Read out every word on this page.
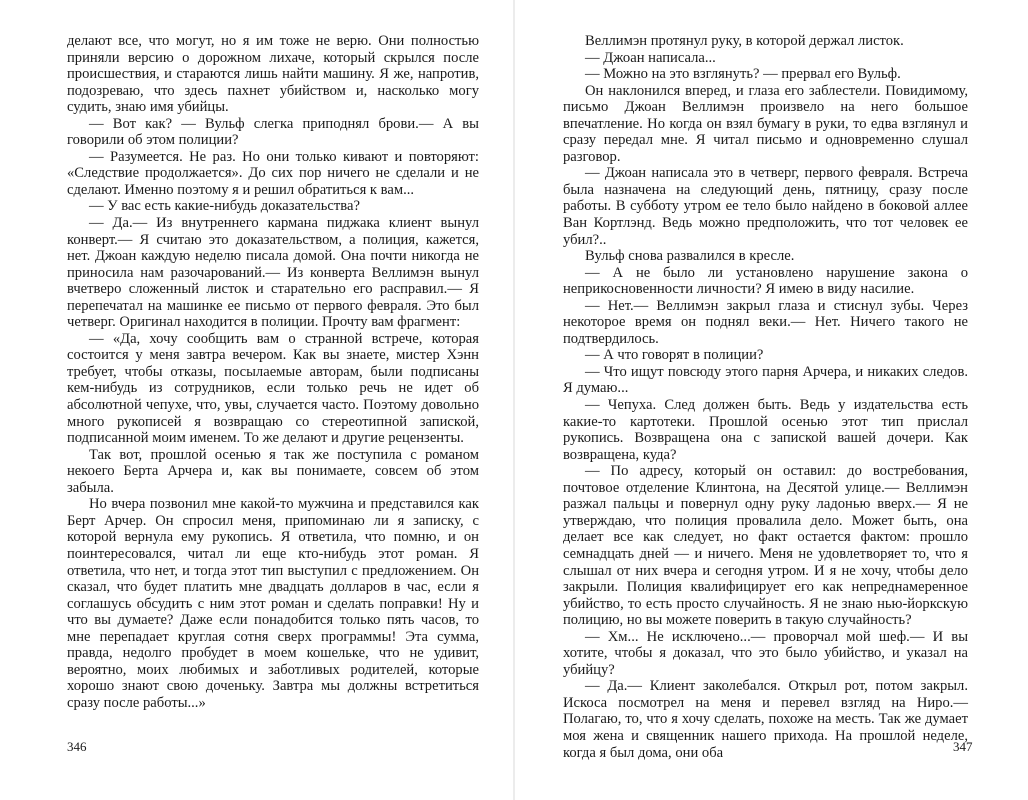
делают все, что могут, но я им тоже не верю. Они полностью приняли версию о дорожном лихаче, который скрылся после происшествия, и стараются лишь найти машину. Я же, напротив, подозреваю, что здесь пахнет убийством и, насколько могу судить, знаю имя убийцы.

— Вот как? — Вульф слегка приподнял брови.— А вы говорили об этом полиции?

— Разумеется. Не раз. Но они только кивают и повторяют: «Следствие продолжается». До сих пор ничего не сделали и не сделают. Именно поэтому я и решил обратиться к вам...

— У вас есть какие-нибудь доказательства?

— Да.— Из внутреннего кармана пиджака клиент вынул конверт.— Я считаю это доказательством, а полиция, кажется, нет. Джоан каждую неделю писала домой. Она почти никогда не приносила нам разочарований.— Из конверта Веллимэн вынул вчетверо сложенный листок и старательно его расправил.— Я перепечатал на машинке ее письмо от первого февраля. Это был четверг. Оригинал находится в полиции. Прочту вам фрагмент:

— «Да, хочу сообщить вам о странной встрече, которая состоится у меня завтра вечером. Как вы знаете, мистер Хэнн требует, чтобы отказы, посылаемые авторам, были подписаны кем-нибудь из сотрудников, если только речь не идет об абсолютной чепухе, что, увы, случается часто. Поэтому довольно много рукописей я возвращаю со стереотипной запиской, подписанной моим именем. То же делают и другие рецензенты.

Так вот, прошлой осенью я так же поступила с романом некоего Берта Арчера и, как вы понимаете, совсем об этом забыла.

Но вчера позвонил мне какой-то мужчина и представился как Берт Арчер. Он спросил меня, припоминаю ли я записку, с которой вернула ему рукопись. Я ответила, что помню, и он поинтересовался, читал ли еще кто-нибудь этот роман. Я ответила, что нет, и тогда этот тип выступил с предложением. Он сказал, что будет платить мне двадцать долларов в час, если я соглашусь обсудить с ним этот роман и сделать поправки! Ну и что вы думаете? Даже если понадобится только пять часов, то мне перепадает круглая сотня сверх программы! Эта сумма, правда, недолго пробудет в моем кошельке, что не удивит, вероятно, моих любимых и заботливых родителей, которые хорошо знают свою доченьку. Завтра мы должны встретиться сразу после работы...»

Веллимэн протянул руку, в которой держал листок.

— Джоан написала...

— Можно на это взглянуть? — прервал его Вульф.

Он наклонился вперед, и глаза его заблестели. Повидимому, письмо Джоан Веллимэн произвело на него большое впечатление. Но когда он взял бумагу в руки, то едва взглянул и сразу передал мне. Я читал письмо и одновременно слушал разговор.

— Джоан написала это в четверг, первого февраля. Встреча была назначена на следующий день, пятницу, сразу после работы. В субботу утром ее тело было найдено в боковой аллее Ван Кортлэнд. Ведь можно предположить, что тот человек ее убил?..

Вульф снова развалился в кресле.

— А не было ли установлено нарушение закона о неприкосновенности личности? Я имею в виду насилие.

— Нет.— Веллимэн закрыл глаза и стиснул зубы. Через некоторое время он поднял веки.— Нет. Ничего такого не подтвердилось.

— А что говорят в полиции?

— Что ищут повсюду этого парня Арчера, и никаких следов. Я думаю...

— Чепуха. След должен быть. Ведь у издательства есть какие-то картотеки. Прошлой осенью этот тип прислал рукопись. Возвращена она с запиской вашей дочери. Как возвращена, куда?

— По адресу, который он оставил: до востребования, почтовое отделение Клинтона, на Десятой улице.— Веллимэн разжал пальцы и повернул одну руку ладонью вверх.— Я не утверждаю, что полиция провалила дело. Может быть, она делает все как следует, но факт остается фактом: прошло семнадцать дней — и ничего. Меня не удовлетворяет то, что я слышал от них вчера и сегодня утром. И я не хочу, чтобы дело закрыли. Полиция квалифицирует его как непреднамеренное убийство, то есть просто случайность. Я не знаю нью-йоркскую полицию, но вы можете поверить в такую случайность?

— Хм... Не исключено...— проворчал мой шеф.— И вы хотите, чтобы я доказал, что это было убийство, и указал на убийцу?

— Да.— Клиент заколебался. Открыл рот, потом закрыл. Искоса посмотрел на меня и перевел взгляд на Ниро.— Полагаю, то, что я хочу сделать, похоже на месть. Так же думает моя жена и священник нашего прихода. На прошлой неделе, когда я был дома, они оба

346	347
